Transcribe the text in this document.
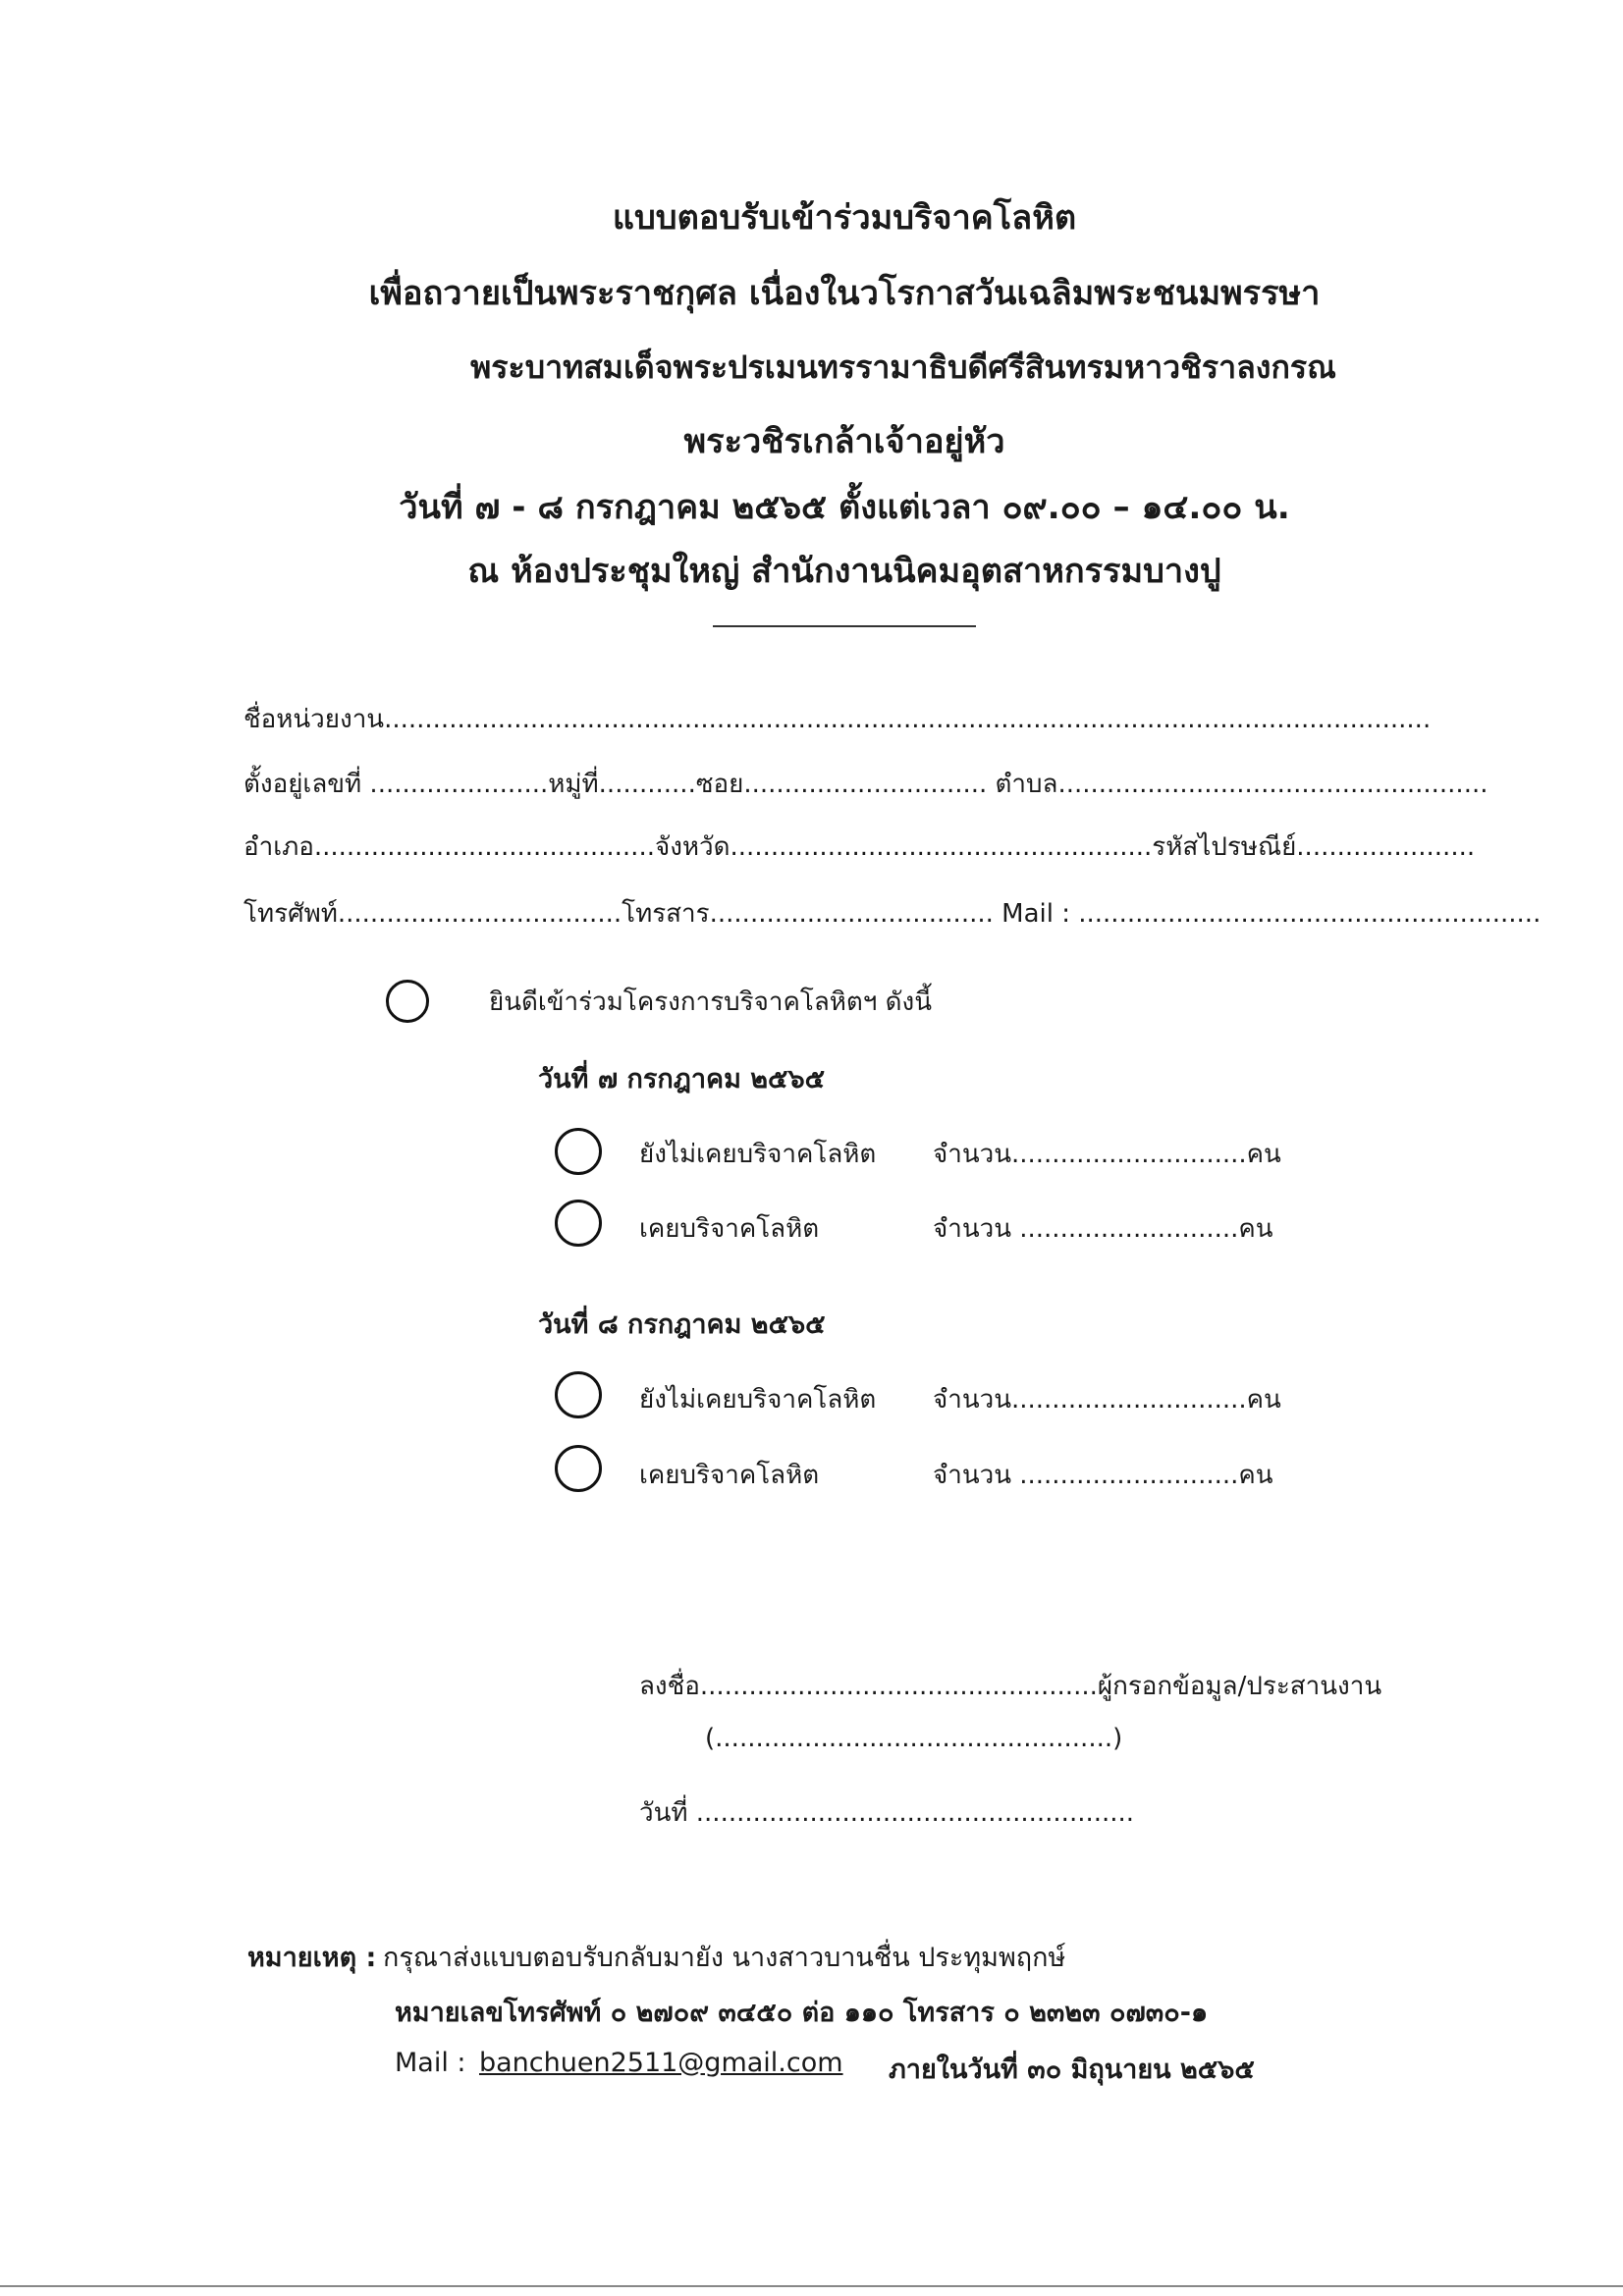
แบบตอบรับเข้าร่วมบริจาคโลหิต
เพื่อถวายเป็นพระราชกุศล เนื่องในวโรกาสวันเฉลิมพระชนมพรรษา
พระบาทสมเด็จพระปรเมนทรรามาธิบดีศรีสินทรมหาวชิราลงกรณ
พระวชิรเกล้าเจ้าอยู่หัว
วันที่ ๗ - ๘ กรกฎาคม ๒๕๖๕ ตั้งแต่เวลา ๐๙.๐๐ – ๑๔.๐๐ น.
ณ ห้องประชุมใหญ่ สำนักงานนิคมอุตสาหกรรมบางปู
ชื่อหน่วยงาน.................................................................................................................................
ตั้งอยู่เลขที่ ......................หมู่ที่............ซอย.............................. ตำบล.....................................................
อำเภอ..........................................จังหวัด....................................................รหัสไปรษณีย์......................
โทรศัพท์...................................โทรสาร................................... Mail : .........................................................
ยินดีเข้าร่วมโครงการบริจาคโลหิตฯ ดังนี้
วันที่ ๗ กรกฎาคม ๒๕๖๕
ยังไม่เคยบริจาคโลหิต จำนวน.............................คน
เคยบริจาคโลหิต	จำนวน ...........................คน
วันที่ ๘ กรกฎาคม ๒๕๖๕
ยังไม่เคยบริจาคโลหิต จำนวน.............................คน
เคยบริจาคโลหิต	จำนวน ...........................คน
ลงชื่อ.................................................ผู้กรอกข้อมูล/ประสานงาน
(.................................................)
วันที่ ......................................................
หมายเหตุ : กรุณาส่งแบบตอบรับกลับมายัง นางสาวบานชื่น ประทุมพฤกษ์
หมายเลขโทรศัพท์ ๐ ๒๗๐๙ ๓๔๕๐ ต่อ ๑๑๐ โทรสาร ๐ ๒๓๒๓ ๐๗๓๐-๑
Mail : banchuen2511@gmail.com ภายในวันที่ ๓๐ มิถุนายน ๒๕๖๕
